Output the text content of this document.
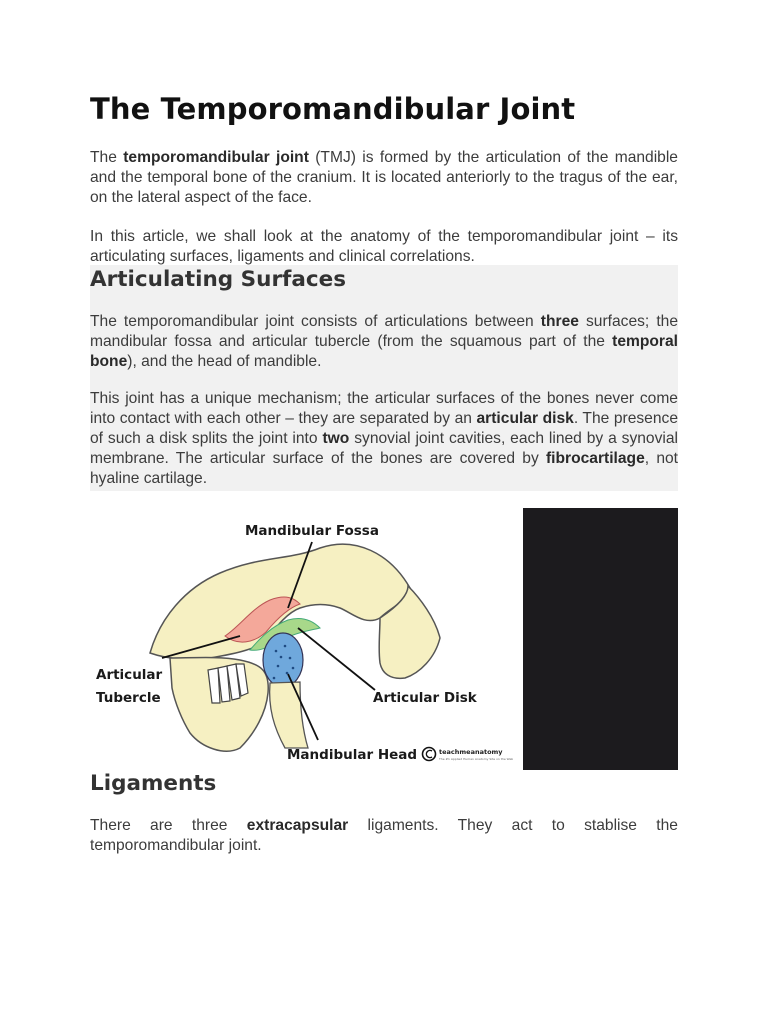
The Temporomandibular Joint

The temporomandibular joint (TMJ) is formed by the articulation of the mandible and the temporal bone of the cranium. It is located anteriorly to the tragus of the ear, on the lateral aspect of the face.

In this article, we shall look at the anatomy of the temporomandibular joint – its articulating surfaces, ligaments and clinical correlations.

Articulating Surfaces

The temporomandibular joint consists of articulations between three surfaces; the mandibular fossa and articular tubercle (from the squamous part of the temporal bone), and the head of mandible.

This joint has a unique mechanism; the articular surfaces of the bones never come into contact with each other – they are separated by an articular disk. The presence of such a disk splits the joint into two synovial joint cavities, each lined by a synovial membrane. The articular surface of the bones are covered by fibrocartilage, not hyaline cartilage.

Mandibular Fossa
Articular
Tubercle	Articular Disk
Mandibular Head	teachmeanatomy
The #1 Applied Human Anatomy Site on the Web
Ligaments

There are three extracapsular ligaments. They act to stablise the temporomandibular joint.
